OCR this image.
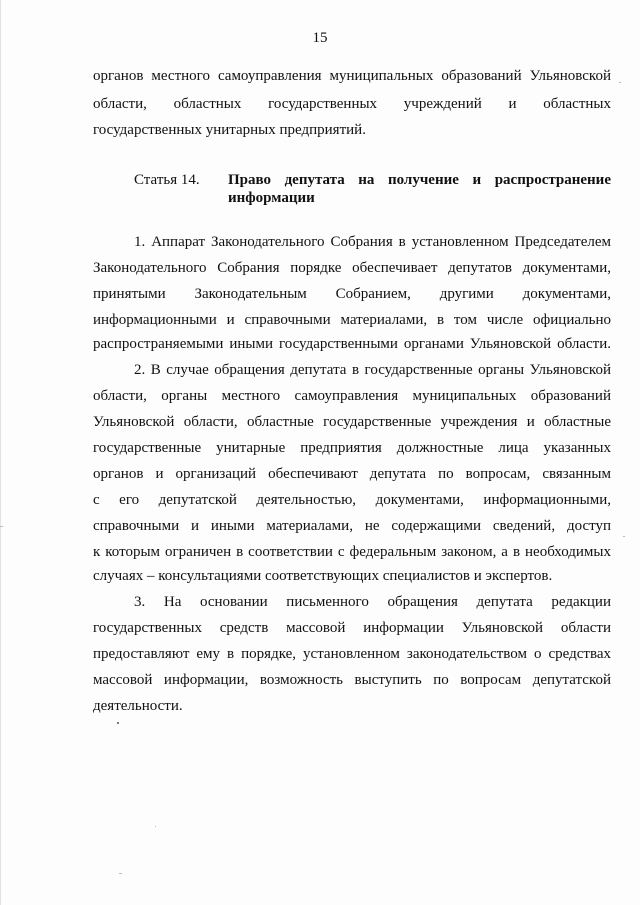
15
органов местного самоуправления муниципальных образований Ульяновской
области, областных государственных учреждений и областных
государственных унитарных предприятий.
Статья 14. Право депутата на получение и распространение
информации
1. Аппарат Законодательного Собрания в установленном Председателем
Законодательного Собрания порядке обеспечивает депутатов документами,
принятыми Законодательным Собранием, другими документами,
информационными и справочными материалами, в том числе официально
распространяемыми иными государственными органами Ульяновской области.
2. В случае обращения депутата в государственные органы Ульяновской
области, органы местного самоуправления муниципальных образований
Ульяновской области, областные государственные учреждения и областные
государственные унитарные предприятия должностные лица указанных
органов и организаций обеспечивают депутата по вопросам, связанным
с его депутатской деятельностью, документами, информационными,
справочными и иными материалами, не содержащими сведений, доступ
к которым ограничен в соответствии с федеральным законом, а в необходимых
случаях – консультациями соответствующих специалистов и экспертов.
3. На основании письменного обращения депутата редакции
государственных средств массовой информации Ульяновской области
предоставляют ему в порядке, установленном законодательством о средствах
массовой информации, возможность выступить по вопросам депутатской
деятельности.
